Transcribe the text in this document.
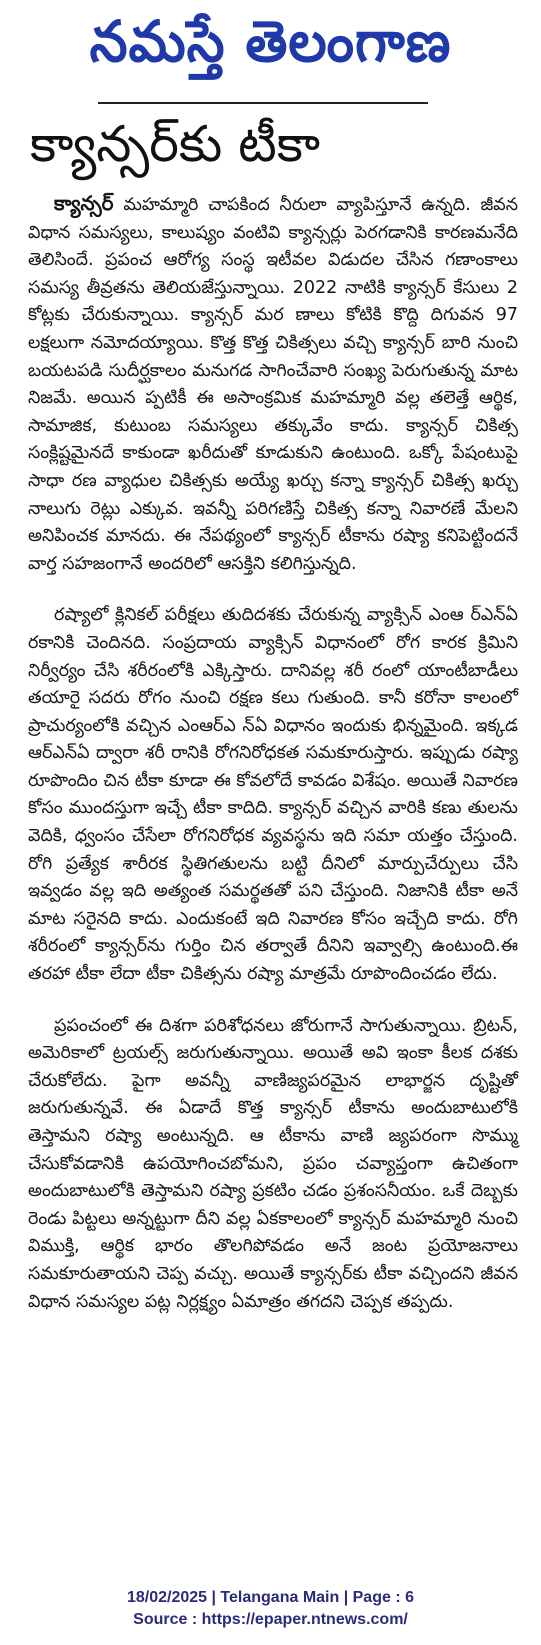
నమస్తే తెలంగాణ
క్యాన్సర్‌కు టీకా

క్యాన్సర్ మహమ్మారి చాపకింద నీరులా వ్యాపిస్తూనే ఉన్నది. జీవన విధాన సమస్యలు, కాలుష్యం వంటివి క్యాన్సర్లు పెరగడానికి కారణమనేది తెలిసిందే. ప్రపంచ ఆరోగ్య సంస్థ ఇటీవల విడుదల చేసిన గణాంకాలు సమస్య తీవ్రతను తెలియజేస్తున్నాయి. 2022 నాటికి క్యాన్సర్ కేసులు 2 కోట్లకు చేరుకున్నాయి. క్యాన్సర్ మర ణాలు కోటికి కొద్ది దిగువన 97 లక్షలుగా నమోదయ్యాయి. కొత్త కొత్త చికిత్సలు వచ్చి క్యాన్సర్ బారి నుంచి బయటపడి సుదీర్ఘకాలం మనుగడ సాగించేవారి సంఖ్య పెరుగుతున్న మాట నిజమే. అయిన ప్పటికీ ఈ అసాంక్రమిక మహమ్మారి వల్ల తలెత్తే ఆర్థిక, సామాజిక, కుటుంబ సమస్యలు తక్కువేం కాదు. క్యాన్సర్ చికిత్స సంక్లిష్టమైనదే కాకుండా ఖరీదుతో కూడుకుని ఉంటుంది. ఒక్కో పేషంటుపై సాధా రణ వ్యాధుల చికిత్సకు అయ్యే ఖర్చు కన్నా క్యాన్సర్ చికిత్స ఖర్చు నాలుగు రెట్లు ఎక్కువ. ఇవన్నీ పరిగణిస్తే చికిత్స కన్నా నివారణే మేలని అనిపించక మానదు. ఈ నేపథ్యంలో క్యాన్సర్ టీకాను రష్యా కనిపెట్టిందనే వార్త సహజంగానే అందరిలో ఆసక్తిని కలిగిస్తున్నది.

రష్యాలో క్లినికల్ పరీక్షలు తుదిదశకు చేరుకున్న వ్యాక్సిన్ ఎంఆ ర్ఎన్ఏ రకానికి చెందినది. సంప్రదాయ వ్యాక్సిన్ విధానంలో రోగ కారక క్రిమిని నిర్వీర్యం చేసి శరీరంలోకి ఎక్కిస్తారు. దానివల్ల శరీ రంలో యాంటీబాడీలు తయారై సదరు రోగం నుంచి రక్షణ కలు గుతుంది. కానీ కరోనా కాలంలో ప్రాచుర్యంలోకి వచ్చిన ఎంఆర్ఎ న్ఏ విధానం ఇందుకు భిన్నమైంది. ఇక్కడ ఆర్ఎన్ఏ ద్వారా శరీ రానికి రోగనిరోధకత సమకూరుస్తారు. ఇప్పుడు రష్యా రూపొందిం చిన టీకా కూడా ఈ కోవలోదే కావడం విశేషం. అయితే నివారణ కోసం ముందస్తుగా ఇచ్చే టీకా కాదిది. క్యాన్సర్ వచ్చిన వారికి కణు తులను వెదికి, ధ్వంసం చేసేలా రోగనిరోధక వ్యవస్థను ఇది సమా యత్తం చేస్తుంది. రోగి ప్రత్యేక శారీరక స్థితిగతులను బట్టి దీనిలో మార్పుచేర్పులు చేసి ఇవ్వడం వల్ల ఇది అత్యంత సమర్థతతో పని చేస్తుంది. నిజానికి టీకా అనే మాట సరైనది కాదు. ఎందుకంటే ఇది నివారణ కోసం ఇచ్చేది కాదు. రోగి శరీరంలో క్యాన్సర్‌ను గుర్తిం చిన తర్వాతే దీనిని ఇవ్వాల్సి ఉంటుంది.ఈ తరహా టీకా లేదా టీకా చికిత్సను రష్యా మాత్రమే రూపొందించడం లేదు.

ప్రపంచంలో ఈ దిశగా పరిశోధనలు జోరుగానే సాగుతున్నాయి. బ్రిటన్, అమెరికాలో ట్రయల్స్ జరుగుతున్నాయి. అయితే అవి ఇంకా కీలక దశకు చేరుకోలేదు. పైగా అవన్నీ వాణిజ్యపరమైన లాభార్జన దృష్టితో జరుగుతున్నవే. ఈ ఏడాదే కొత్త క్యాన్సర్ టీకాను అందుబాటులోకి తెస్తామని రష్యా అంటున్నది. ఆ టీకాను వాణి జ్యపరంగా సొమ్ము చేసుకోవడానికి ఉపయోగించబోమని, ప్రపం చవ్యాప్తంగా ఉచితంగా అందుబాటులోకి తెస్తామని రష్యా ప్రకటిం చడం ప్రశంసనీయం. ఒకే దెబ్బకు రెండు పిట్టలు అన్నట్టుగా దీని వల్ల ఏకకాలంలో క్యాన్సర్ మహమ్మారి నుంచి విముక్తి, ఆర్థిక భారం తొలగిపోవడం అనే జంట ప్రయోజనాలు సమకూరుతాయని చెప్ప వచ్చు. అయితే క్యాన్సర్‌కు టీకా వచ్చిందని జీవన విధాన సమస్యల పట్ల నిర్లక్ష్యం ఏమాత్రం తగదని చెప్పక తప్పదు.

18/02/2025 | Telangana Main | Page : 6
Source : https://epaper.ntnews.com/
